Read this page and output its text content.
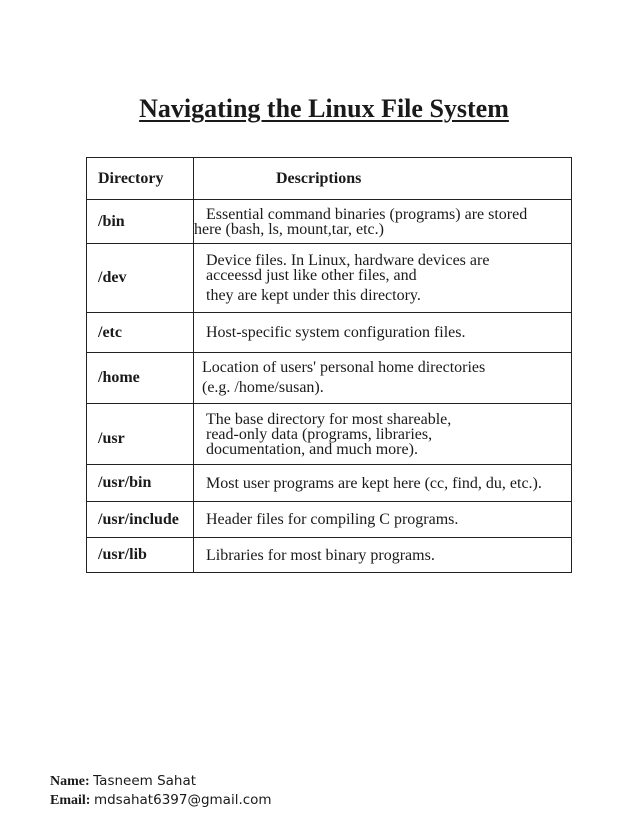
Navigating the Linux File System
Directory	Descriptions
/bin	Essential command binaries (programs) are stored
here (bash, ls, mount,tar, etc.)

/dev	Device files. In Linux, hardware devices are
acceessd just like other files, and
they are kept under this directory.

/etc	Host-specific system configuration files.

/home	Location of users' personal home directories
(e.g. /home/susan).

/usr	The base directory for most shareable,
read-only data (programs, libraries,
documentation, and much more).

/usr/bin	Most user programs are kept here (cc, find, du, etc.).

/usr/include	Header files for compiling C programs.

/usr/lib	Libraries for most binary programs.
Name: Tasneem Sahat
Email: mdsahat6397@gmail.com
